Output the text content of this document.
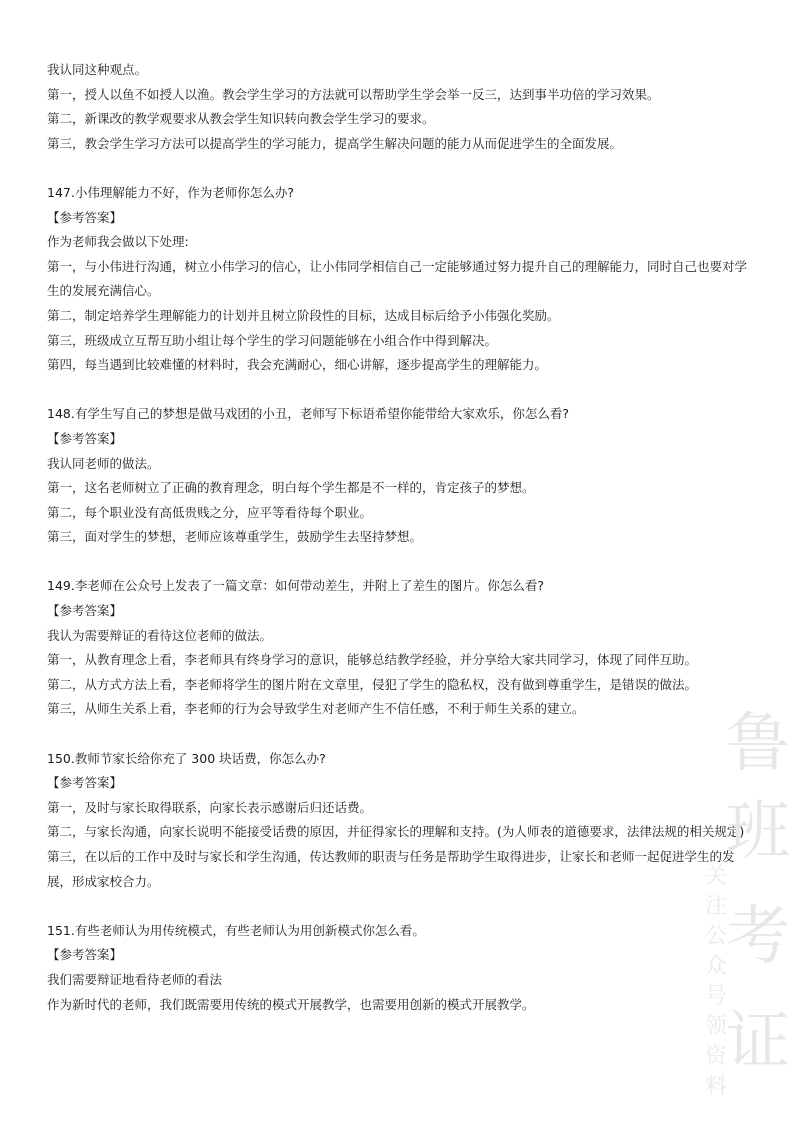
我认同这种观点。
第一，授人以鱼不如授人以渔。教会学生学习的方法就可以帮助学生学会举一反三，达到事半功倍的学习效果。
第二，新课改的教学观要求从教会学生知识转向教会学生学习的要求。
第三，教会学生学习方法可以提高学生的学习能力，提高学生解决问题的能力从而促进学生的全面发展。
147.小伟理解能力不好，作为老师你怎么办?
【参考答案】
作为老师我会做以下处理:
第一，与小伟进行沟通，树立小伟学习的信心，让小伟同学相信自己一定能够通过努力提升自己的理解能力，同时自己也要对学生的发展充满信心。
第二，制定培养学生理解能力的计划并且树立阶段性的目标，达成目标后给予小伟强化奖励。
第三，班级成立互帮互助小组让每个学生的学习问题能够在小组合作中得到解决。
第四，每当遇到比较难懂的材料时，我会充满耐心，细心讲解，逐步提高学生的理解能力。
148.有学生写自己的梦想是做马戏团的小丑，老师写下标语希望你能带给大家欢乐，你怎么看?
【参考答案】
我认同老师的做法。
第一，这名老师树立了正确的教育理念，明白每个学生都是不一样的，肯定孩子的梦想。
第二，每个职业没有高低贵贱之分，应平等看待每个职业。
第三，面对学生的梦想，老师应该尊重学生，鼓励学生去坚持梦想。
149.李老师在公众号上发表了一篇文章：如何带动差生，并附上了差生的图片。你怎么看?
【参考答案】
我认为需要辩证的看待这位老师的做法。
第一，从教育理念上看，李老师具有终身学习的意识，能够总结教学经验，并分享给大家共同学习，体现了同伴互助。
第二，从方式方法上看，李老师将学生的图片附在文章里，侵犯了学生的隐私权，没有做到尊重学生，是错误的做法。
第三，从师生关系上看，李老师的行为会导致学生对老师产生不信任感，不利于师生关系的建立。
150.教师节家长给你充了 300 块话费，你怎么办?
【参考答案】
第一，及时与家长取得联系，向家长表示感谢后归还话费。
第二，与家长沟通，向家长说明不能接受话费的原因，并征得家长的理解和支持。(为人师表的道德要求，法律法规的相关规定)
第三，在以后的工作中及时与家长和学生沟通，传达教师的职责与任务是帮助学生取得进步，让家长和老师一起促进学生的发展，形成家校合力。
151.有些老师认为用传统模式，有些老师认为用创新模式你怎么看。
【参考答案】
我们需要辩证地看待老师的看法
作为新时代的老师，我们既需要用传统的模式开展教学，也需要用创新的模式开展教学。
鲁
班
考
证
关
注
公
众
号
领
资
料
